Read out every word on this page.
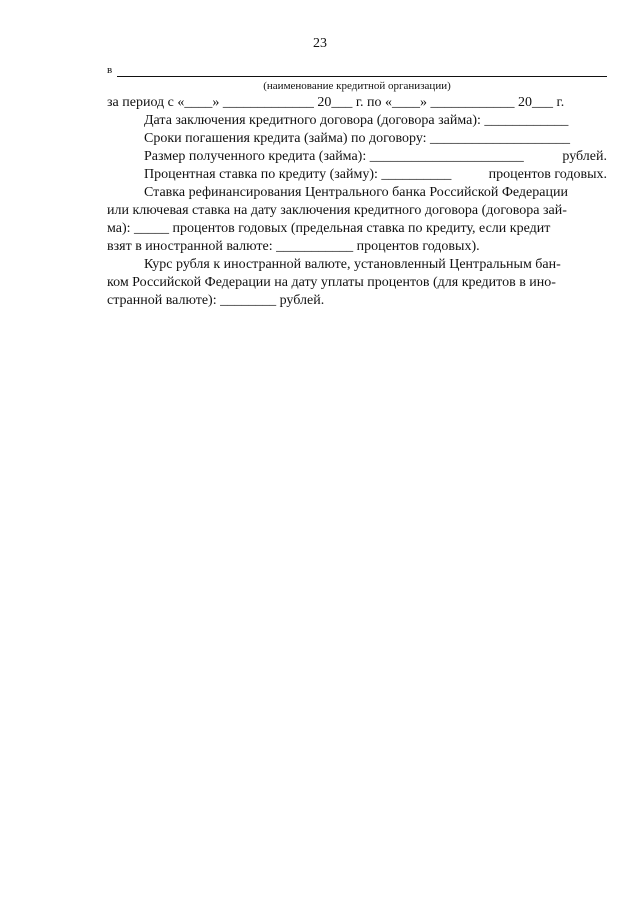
23
в
(наименование кредитной организации)

за период с «____» _____________ 20___ г. по «____» ____________ 20___ г.

Дата заключения кредитного договора (договора займа): ____________

Сроки погашения кредита (займа) по договору: ____________________

Размер полученного кредита (займа): ______________________	рублей.

Процентная ставка по кредиту (займу): __________	процентов годовых.

Ставка рефинансирования Центрального банка Российской Федерации

или ключевая ставка на дату заключения кредитного договора (договора зай-

ма): _____ процентов годовых (предельная ставка по кредиту, если кредит

взят в иностранной валюте: ___________ процентов годовых).

Курс рубля к иностранной валюте, установленный Центральным бан-

ком Российской Федерации на дату уплаты процентов (для кредитов в ино-

странной валюте): ________ рублей.
